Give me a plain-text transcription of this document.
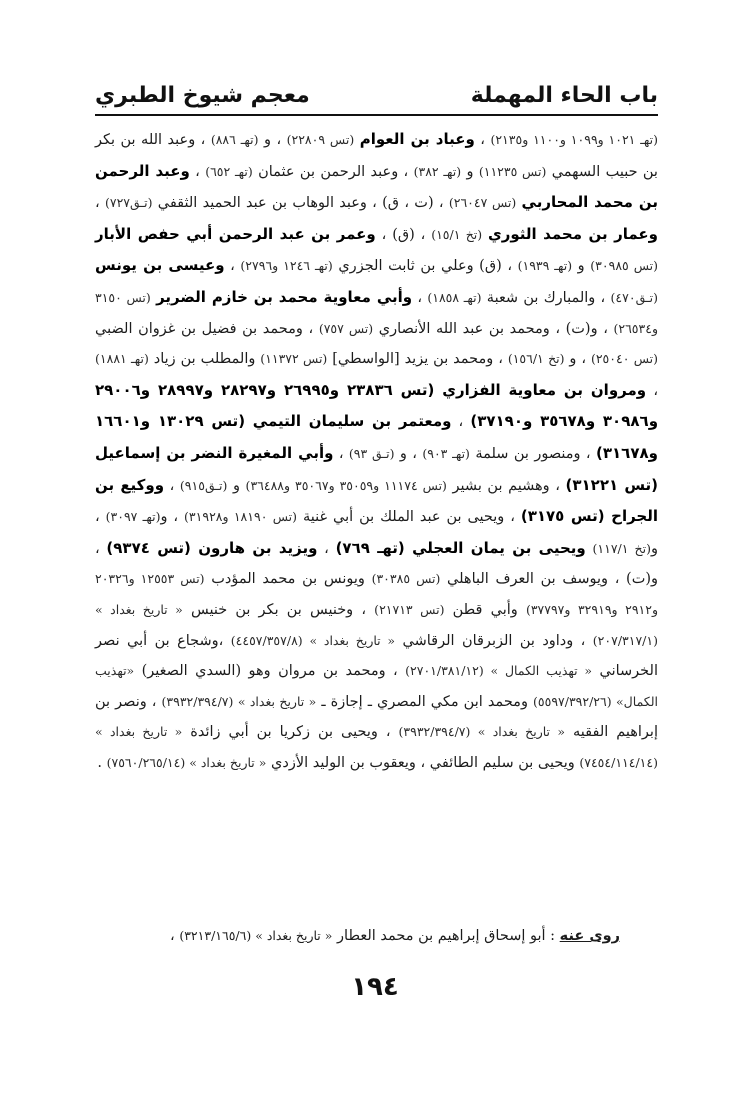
باب الحاء المهملة
معجم شيوخ الطبري
(تهـ ١٠٢١ و١٠٩٩ و١١٠٠ و٢١٣٥) ، وعباد بن العوام (تس ٢٢٨٠٩) ، و (تهـ ٨٨٦) ، وعبد الله بن بكر بن حبيب السهمي (تس ١١٢٣٥) و (تهـ ٣٨٢) ، وعبد الرحمن بن عثمان (تهـ ٦٥٢) ، وعبد الرحمن بن محمد المحاربي (تس ٢٦٠٤٧) ، (ت ، ق) ، وعبد الوهاب بن عبد الحميد الثقفي (تـق٧٢٧) ، وعمار بن محمد الثوري (تخ ١٥/١) ، (ق) ، وعمر بن عبد الرحمن أبي حفص الأبار (تس ٣٠٩٨٥) و (تهـ ١٩٣٩) ، (ق) وعلي بن ثابت الجزري (تهـ ١٢٤٦ و٢٧٩٦) ، وعيسى بن يونس (تـق٤٧٠) ، والمبارك بن شعبة (تهـ ١٨٥٨) ، وأبي معاوية محمد بن خازم الضرير (تس ٣١٥٠ و٢٦٥٣٤) ، و(ت) ، ومحمد بن عبد الله الأنصاري (تس ٧٥٧) ، ومحمد بن فضيل بن غزوان الضبي (تس ٢٥٠٤٠) ، و (تخ ١٥٦/١) ، ومحمد بن يزيد [الواسطي] (تس ١١٣٧٢) والمطلب بن زياد (تهـ ١٨٨١) ، ومروان بن معاوية الفزاري (تس ٢٣٨٣٦ و٢٦٩٩٥ و٢٨٢٩٧ و٢٨٩٩٧ و٢٩٠٠٦ و٣٠٩٨٦ و٣٥٦٧٨ و٣٧١٩٠) ، ومعتمر بن سليمان التيمي (تس ١٣٠٢٩ و١٦٦٠١ و٣١٦٧٨) ، ومنصور بن سلمة (تهـ ٩٠٣) ، و (تـق ٩٣) ، وأبي المغيرة النضر بن إسماعيل (تس ٣١٢٢١) ، وهشيم بن بشير (تس ١١١٧٤ و٣٥٠٥٩ و٣٥٠٦٧ و٣٦٤٨٨) و (تـق٩١٥) ، ووكيع بن الجراح (تس ٣١٧٥) ، ويحيى بن عبد الملك بن أبي غنية (تس ١٨١٩٠ و٣١٩٢٨) ، و(تهـ ٣٠٩٧) ، و(تخ ١١٧/١) ويحيى بن يمان العجلي (تهـ ٧٦٩) ، ويزيد بن هارون (تس ٩٣٧٤) ، و(ت) ، ويوسف بن العرف الباهلي (تس ٣٠٣٨٥) ويونس بن محمد المؤدب (تس ١٢٥٥٣ و٢٠٣٢٦ و٢٩١٢ و٣٢٩١٩ و٣٧٧٩٧) وأبي قطن (تس ٢١٧١٣) ، وخنيس بن بكر بن خنيس « تاريخ بغداد » (٢٠٧/٣١٧/١) ، وداود بن الزبرقان الرقاشي « تاريخ بغداد » (٤٤٥٧/٣٥٧/٨) ،وشجاع بن أبي نصر الخرساني « تهذيب الكمال » (٢٧٠١/٣٨١/١٢) ، ومحمد بن مروان وهو (السدي الصغير) «تهذيب الكمال» (٥٥٩٧/٣٩٢/٢٦) ومحمد ابن مكي المصري ـ إجازة ـ « تاريخ بغداد » (٣٩٣٢/٣٩٤/٧) ، ونصر بن إبراهيم الفقيه « تاريخ بغداد » (٣٩٣٢/٣٩٤/٧) ، ويحيى بن زكريا بن أبي زائدة « تاريخ بغداد » (٧٤٥٤/١١٤/١٤) ويحيى بن سليم الطائفي ، ويعقوب بن الوليد الأزدي « تاريخ بغداد » (٧٥٦٠/٢٦٥/١٤) .
روى عنه : أبو إسحاق إبراهيم بن محمد العطار « تاريخ بغداد » (٣٢١٣/١٦٥/٦) ،
١٩٤
